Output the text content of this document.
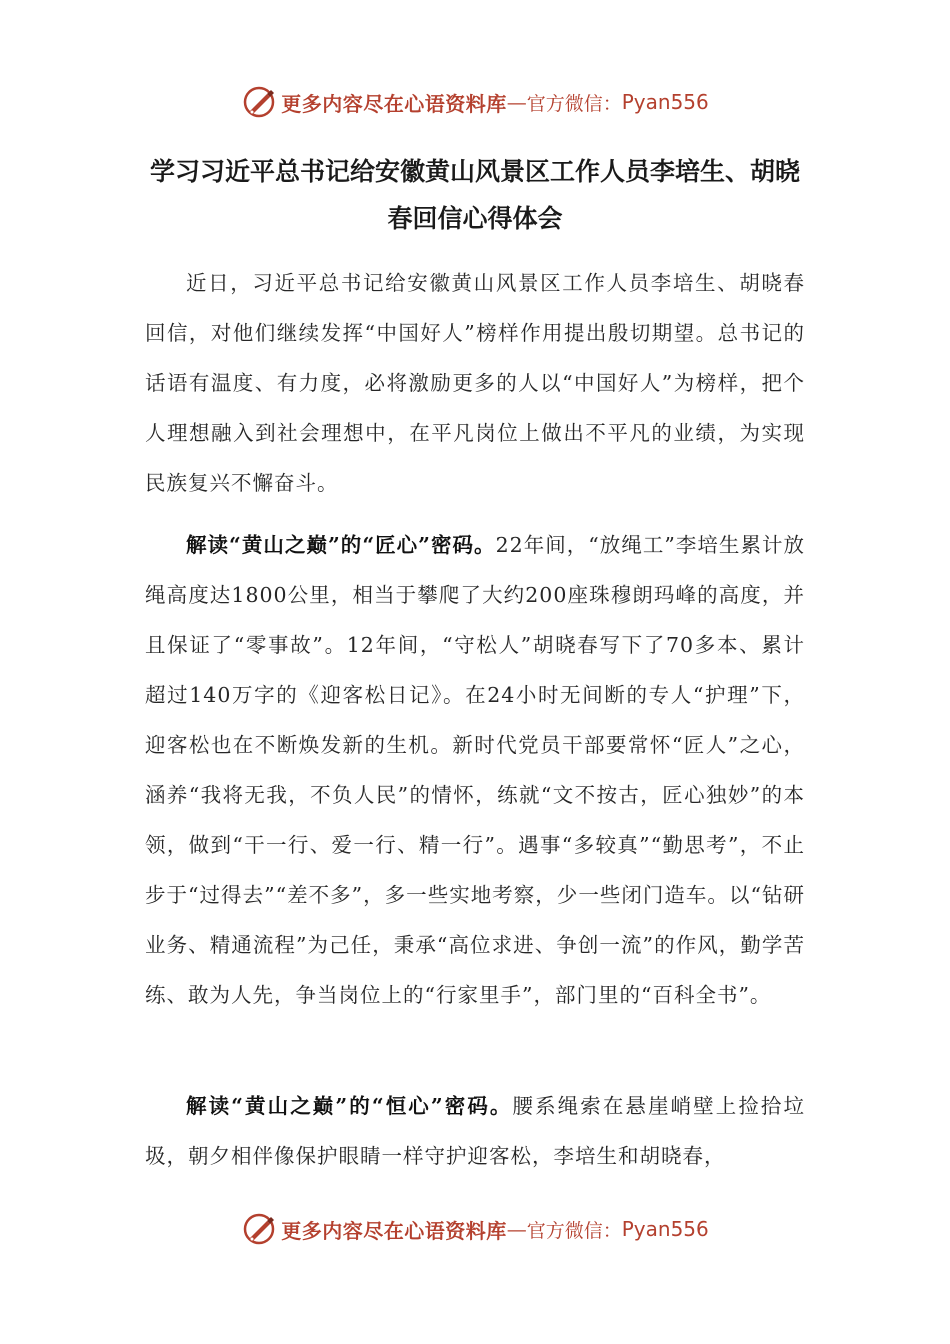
更多内容尽在心语资料库 — 官方微信： Pyan556
学习习近平总书记给安徽黄山风景区工作人员李培生、胡晓春回信心得体会

近日，习近平总书记给安徽黄山风景区工作人员李培生、胡晓春回信，对他们继续发挥“中国好人”榜样作用提出殷切期望。总书记的话语有温度、有力度，必将激励更多的人以“中国好人”为榜样，把个人理想融入到社会理想中，在平凡岗位上做出不平凡的业绩，为实现民族复兴不懈奋斗。

解读“黄山之巅”的“匠心”密码。22年间，“放绳工”李培生累计放绳高度达1800公里，相当于攀爬了大约200座珠穆朗玛峰的高度，并且保证了“零事故”。12年间，“守松人”胡晓春写下了70多本、累计超过140万字的《迎客松日记》。在24小时无间断的专人“护理”下，迎客松也在不断焕发新的生机。新时代党员干部要常怀“匠人”之心，涵养“我将无我，不负人民”的情怀，练就“文不按古，匠心独妙”的本领，做到“干一行、爱一行、精一行”。遇事“多较真”“勤思考”，不止步于“过得去”“差不多”，多一些实地考察，少一些闭门造车。以“钻研业务、精通流程”为己任，秉承“高位求进、争创一流”的作风，勤学苦练、敢为人先，争当岗位上的“行家里手”，部门里的“百科全书”。

解读“黄山之巅”的“恒心”密码。腰系绳索在悬崖峭壁上捡拾垃圾，朝夕相伴像保护眼睛一样守护迎客松，李培生和胡晓春，

更多内容尽在心语资料库 — 官方微信： Pyan556
